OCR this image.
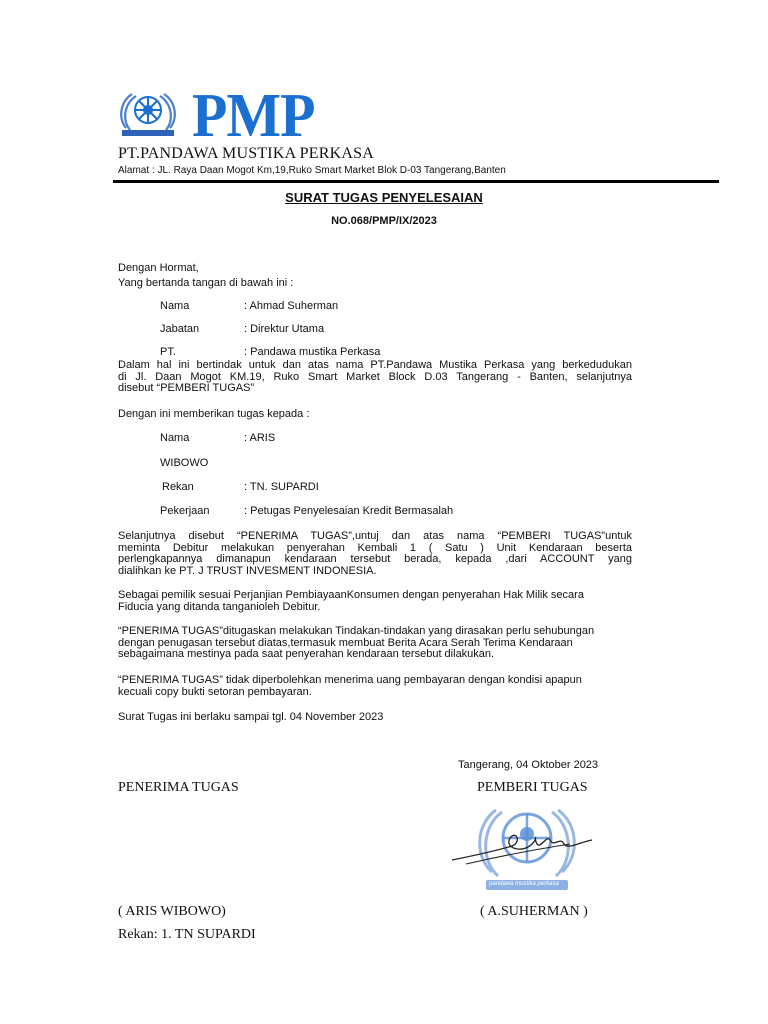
PMP
PT.PANDAWA MUSTIKA PERKASA
Alamat : JL. Raya Daan Mogot Km,19,Ruko Smart Market Blok D-03 Tangerang,Banten
SURAT TUGAS PENYELESAIAN
NO.068/PMP/IX/2023
Dengan Hormat,
Yang bertanda tangan di bawah ini :
Nama	: Ahmad Suherman
Jabatan	: Direktur Utama
PT.	: Pandawa mustika Perkasa
Dalam hal ini bertindak untuk dan atas nama PT.Pandawa Mustika Perkasa yang berkedudukan
di Jl. Daan Mogot KM.19, Ruko Smart Market Block D.03 Tangerang - Banten, selanjutnya
disebut “PEMBERI TUGAS”
Dengan ini memberikan tugas kepada :
Nama	: ARIS
WIBOWO
Rekan	: TN. SUPARDI
Pekerjaan	: Petugas Penyelesaian Kredit Bermasalah
Selanjutnya disebut “PENERIMA TUGAS”,untuj dan atas nama “PEMBERI TUGAS”untuk
meminta Debitur melakukan penyerahan Kembali 1 ( Satu ) Unit Kendaraan beserta
perlengkapannya dimanapun kendaraan tersebut berada, kepada ,dari ACCOUNT yang
dialihkan ke PT. J TRUST INVESMENT INDONESIA.
Sebagai pemilik sesuai Perjanjian PembiayaanKonsumen dengan penyerahan Hak Milik secara
Fiducia yang ditanda tanganioleh Debitur.
“PENERIMA TUGAS”ditugaskan melakukan Tindakan-tindakan yang dirasakan perlu sehubungan
dengan penugasan tersebut diatas,termasuk membuat Berita Acara Serah Terima Kendaraan
sebagaimana mestinya pada saat penyerahan kendaraan tersebut dilakukan.
“PENERIMA TUGAS” tidak diperbolehkan menerima uang pembayaran dengan kondisi apapun
kecuali copy bukti setoran pembayaran.
Surat Tugas ini berlaku sampai tgl. 04 November 2023
Tangerang, 04 Oktober 2023
PENERIMA TUGAS	PEMBERI TUGAS
pandawa mustika perkasa
( ARIS WIBOWO)	( A.SUHERMAN )
Rekan: 1. TN SUPARDI
